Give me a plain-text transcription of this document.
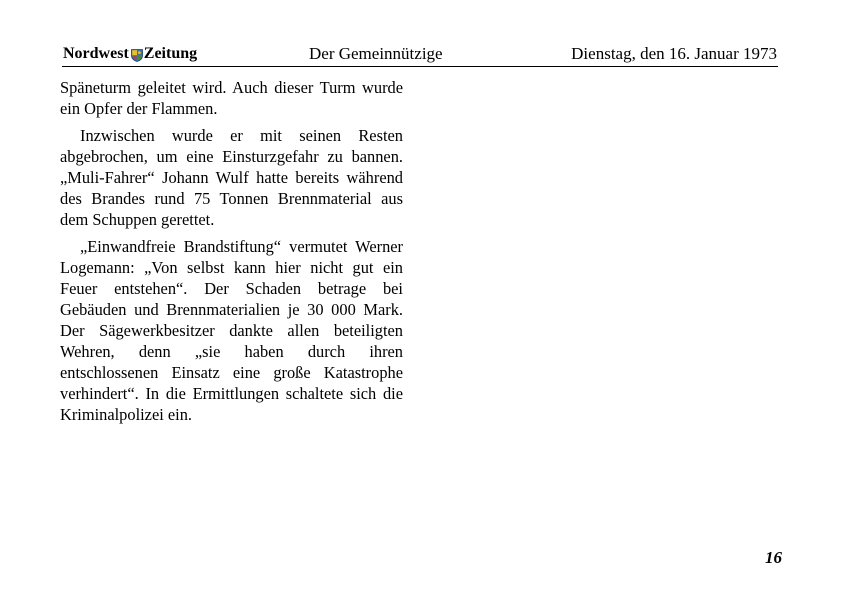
Nordwest Zeitung	Der Gemeinnützige	Dienstag, den 16. Januar 1973

Späneturm geleitet wird. Auch dieser Turm wurde ein Opfer der Flammen.

Inzwischen wurde er mit seinen Resten abgebrochen, um eine Einsturzgefahr zu bannen. „Muli-Fahrer“ Johann Wulf hatte bereits während des Brandes rund 75 Tonnen Brennmaterial aus dem Schuppen gerettet.

„Einwandfreie Brandstiftung“ vermutet Werner Logemann: „Von selbst kann hier nicht gut ein Feuer entstehen“. Der Schaden betrage bei Gebäuden und Brennmaterialien je 30 000 Mark. Der Sägewerkbesitzer dankte allen beteiligten Wehren, denn „sie haben durch ihren entschlossenen Einsatz eine große Katastrophe verhindert“. In die Ermittlungen schaltete sich die Kriminalpolizei ein.

16
